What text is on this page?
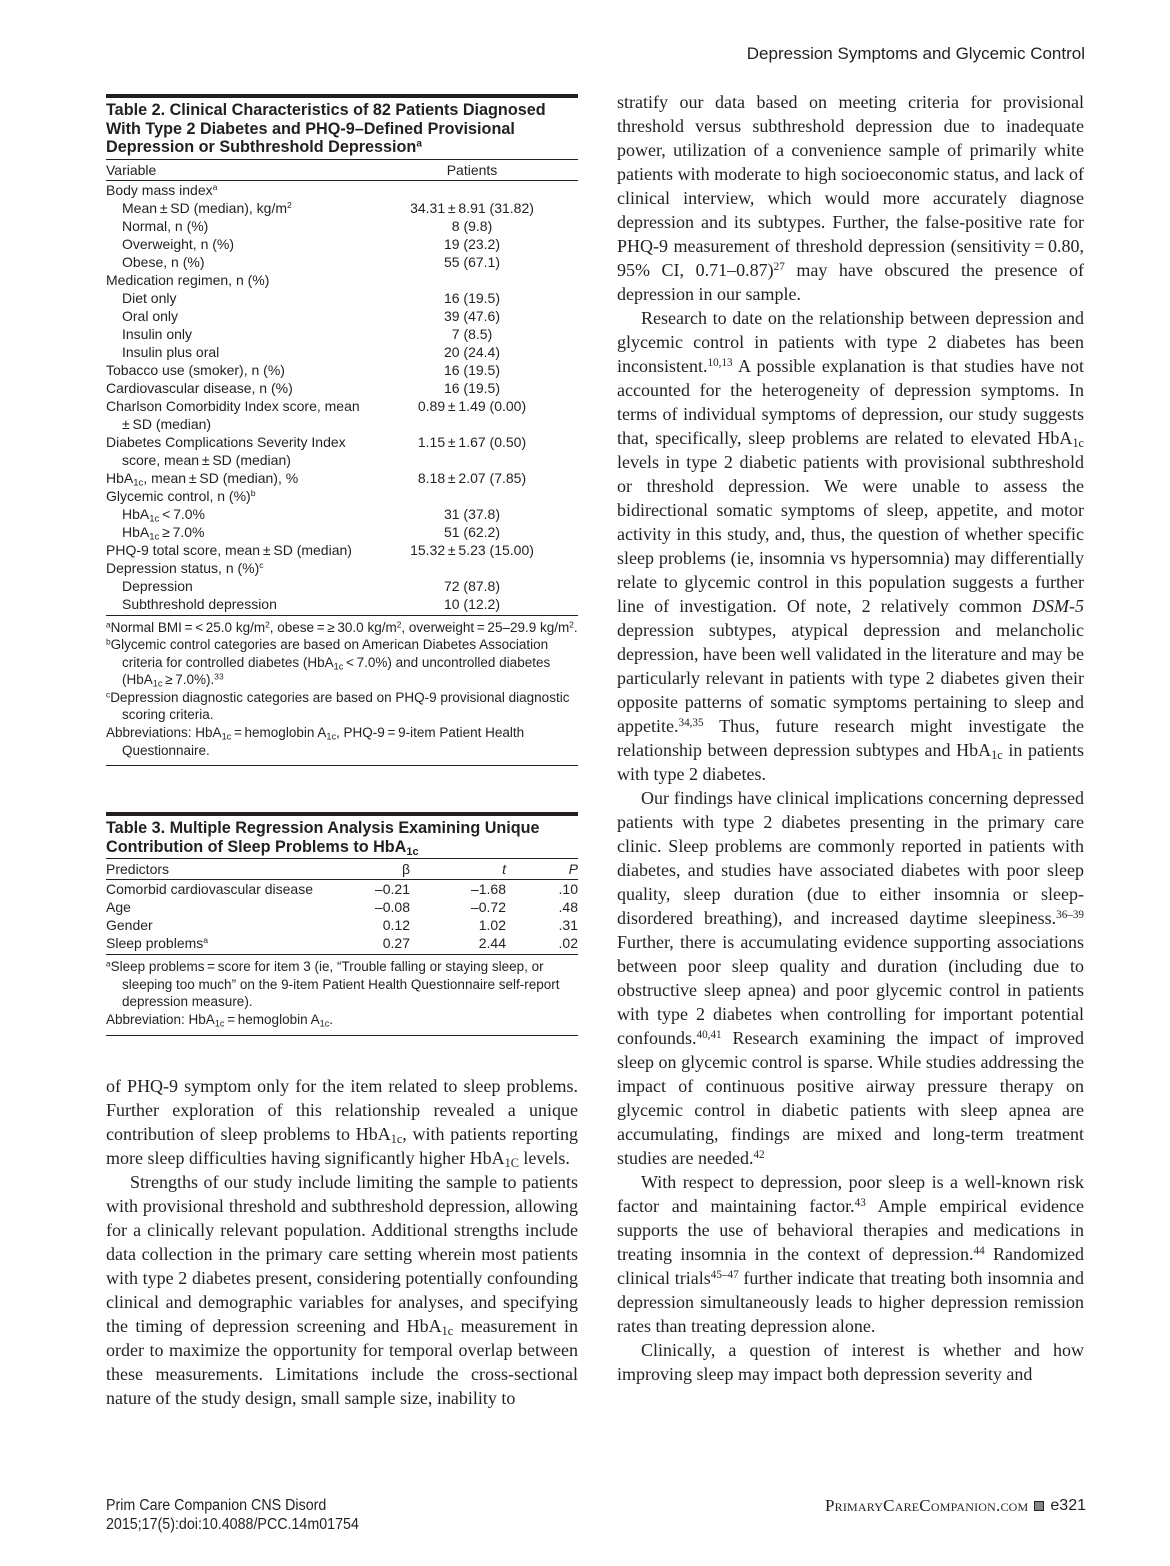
Depression Symptoms and Glycemic Control
Table 2. Clinical Characteristics of 82 Patients Diagnosed With Type 2 Diabetes and PHQ-9–Defined Provisional Depression or Subthreshold Depression$^a$
Variable	Patients
Body mass index$^a$	
Mean ± SD (median), $kg/m^2$	34.31 ± 8.91 (31.82)
Normal, n (%)	8 (9.8)
Overweight, n (%)	19 (23.2)
Obese, n (%)	55 (67.1)
Medication regimen, n (%)	
Diet only	16 (19.5)
Oral only	39 (47.6)
Insulin only	7 (8.5)
Insulin plus oral	20 (24.4)
Tobacco use (smoker), n (%)	16 (19.5)
Cardiovascular disease, n (%)	16 (19.5)
Charlson Comorbidity Index score, mean ± SD (median)	0.89 ± 1.49 (0.00)
Diabetes Complications Severity Index score, mean ± SD (median)	1.15 ± 1.67 (0.50)
HbA$_{1c}$, mean ± SD (median), %	8.18 ± 2.07 (7.85)
Glycemic control, n (%)$^b$	
HbA$_{1c}$ < 7.0%	31 (37.8)
HbA$_{1c}$ ≥ 7.0%	51 (62.2)
PHQ-9 total score, mean ± SD (median)	15.32 ± 5.23 (15.00)
Depression status, n (%)$^c$	
Depression	72 (87.8)
Subthreshold depression	10 (12.2)

$^a$Normal BMI = < 25.0 $kg/m^2$, obese = ≥ 30.0 $kg/m^2$, overweight = 25–29.9 $kg/m^2$.

$^b$Glycemic control categories are based on American Diabetes Association criteria for controlled diabetes (HbA$_{1c}$ < 7.0%) and uncontrolled diabetes (HbA$_{1c}$ ≥ 7.0%).$^{33}$

$^c$Depression diagnostic categories are based on PHQ-9 provisional diagnostic scoring criteria.

Abbreviations: HbA$_{1c}$ = hemoglobin $A_{1c}$, PHQ-9 = 9-item Patient Health Questionnaire.

Table 3. Multiple Regression Analysis Examining Unique Contribution of Sleep Problems to HbA$_{1c}$
Predictors	β	t	P
Comorbid cardiovascular disease	–0.21	–1.68	.10
Age	–0.08	–0.72	.48
Gender	0.12	1.02	.31
Sleep problems$^a$	0.27	2.44	.02

$^a$Sleep problems = score for item 3 (ie, “Trouble falling or staying sleep, or sleeping too much” on the 9-item Patient Health Questionnaire self-report depression measure).

Abbreviation: HbA$_{1c}$ = hemoglobin $A_{1c}$.

of PHQ-9 symptom only for the item related to sleep problems. Further exploration of this relationship revealed a unique contribution of sleep problems to HbA$_{1c}$, with patients reporting more sleep difficulties having significantly higher HbA$_{1C}$ levels.

Strengths of our study include limiting the sample to patients with provisional threshold and subthreshold depression, allowing for a clinically relevant population. Additional strengths include data collection in the primary care setting wherein most patients with type 2 diabetes present, considering potentially confounding clinical and demographic variables for analyses, and specifying the timing of depression screening and HbA$_{1c}$ measurement in order to maximize the opportunity for temporal overlap between these measurements. Limitations include the cross-sectional nature of the study design, small sample size, inability to

stratify our data based on meeting criteria for provisional threshold versus subthreshold depression due to inadequate power, utilization of a convenience sample of primarily white patients with moderate to high socioeconomic status, and lack of clinical interview, which would more accurately diagnose depression and its subtypes. Further, the false-positive rate for PHQ-9 measurement of threshold depression (sensitivity = 0.80, 95% CI, 0.71–0.87)$^{27}$ may have obscured the presence of depression in our sample.

Research to date on the relationship between depression and glycemic control in patients with type 2 diabetes has been inconsistent.$^{10,13}$ A possible explanation is that studies have not accounted for the heterogeneity of depression symptoms. In terms of individual symptoms of depression, our study suggests that, specifically, sleep problems are related to elevated HbA$_{1c}$ levels in type 2 diabetic patients with provisional subthreshold or threshold depression. We were unable to assess the bidirectional somatic symptoms of sleep, appetite, and motor activity in this study, and, thus, the question of whether specific sleep problems (ie, insomnia vs hypersomnia) may differentially relate to glycemic control in this population suggests a further line of investigation. Of note, 2 relatively common DSM-5 depression subtypes, atypical depression and melancholic depression, have been well validated in the literature and may be particularly relevant in patients with type 2 diabetes given their opposite patterns of somatic symptoms pertaining to sleep and appetite.$^{34,35}$ Thus, future research might investigate the relationship between depression subtypes and HbA$_{1c}$ in patients with type 2 diabetes.

Our findings have clinical implications concerning depressed patients with type 2 diabetes presenting in the primary care clinic. Sleep problems are commonly reported in patients with diabetes, and studies have associated diabetes with poor sleep quality, sleep duration (due to either insomnia or sleep-disordered breathing), and increased daytime sleepiness.$^{36-39}$ Further, there is accumulating evidence supporting associations between poor sleep quality and duration (including due to obstructive sleep apnea) and poor glycemic control in patients with type 2 diabetes when controlling for important potential confounds.$^{40,41}$ Research examining the impact of improved sleep on glycemic control is sparse. While studies addressing the impact of continuous positive airway pressure therapy on glycemic control in diabetic patients with sleep apnea are accumulating, findings are mixed and long-term treatment studies are needed.$^{42}$

With respect to depression, poor sleep is a well-known risk factor and maintaining factor.$^{43}$ Ample empirical evidence supports the use of behavioral therapies and medications in treating insomnia in the context of depression.$^{44}$ Randomized clinical trials$^{45-47}$ further indicate that treating both insomnia and depression simultaneously leads to higher depression remission rates than treating depression alone.

Clinically, a question of interest is whether and how improving sleep may impact both depression severity and

Prim Care Companion CNS Disord
2015;17(5):doi:10.4088/PCC.14m01754
PrimaryCareCompanion.com e321
